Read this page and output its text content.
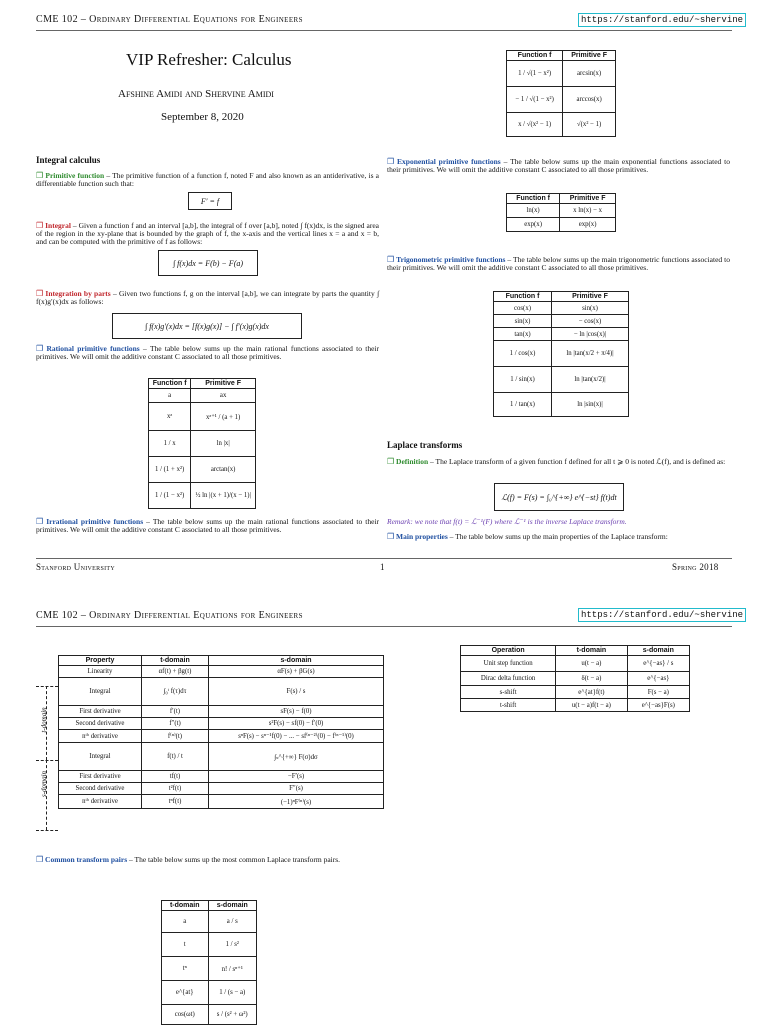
CME 102 – Ordinary Differential Equations for Engineers	https://stanford.edu/~shervine
VIP Refresher: Calculus
Afshine Amidi and Shervine Amidi
September 8, 2020
Function f	Primitive F
1 / √(1 − x²)	arcsin(x)
− 1 / √(1 − x²)	arccos(x)
x / √(x² − 1)	√(x² − 1)
Integral calculus
❒ Primitive function – The primitive function of a function f, noted F and also known as an antiderivative, is a differentiable function such that:
F′ = f
❒ Integral – Given a function f and an interval [a,b], the integral of f over [a,b], noted ∫ f(x)dx, is the signed area of the region in the xy-plane that is bounded by the graph of f, the x-axis and the vertical lines x = a and x = b, and can be computed with the primitive of f as follows:
∫ f(x)dx = F(b) − F(a)
❒ Integration by parts – Given two functions f, g on the interval [a,b], we can integrate by parts the quantity ∫ f(x)g′(x)dx as follows:
∫ f(x)g′(x)dx = [f(x)g(x)] − ∫ f′(x)g(x)dx
❒ Rational primitive functions – The table below sums up the main rational functions associated to their primitives. We will omit the additive constant C associated to all those primitives.
Function f	Primitive F
a	ax
xᵃ	xᵃ⁺¹ / (a + 1)
1 / x	ln |x|
1 / (1 + x²)	arctan(x)
1 / (1 − x²)	½ ln |(x + 1)/(x − 1)|
❒ Irrational primitive functions – The table below sums up the main rational functions associated to their primitives. We will omit the additive constant C associated to all those primitives.
❒ Exponential primitive functions – The table below sums up the main exponential functions associated to their primitives. We will omit the additive constant C associated to all those primitives.
Function f	Primitive F
ln(x)	x ln(x) − x
exp(x)	exp(x)
❒ Trigonometric primitive functions – The table below sums up the main trigonometric functions associated to their primitives. We will omit the additive constant C associated to all those primitives.
Function f	Primitive F
cos(x)	sin(x)
sin(x)	− cos(x)
tan(x)	− ln |cos(x)|
1 / cos(x)	ln |tan(x/2 + π/4)|
1 / sin(x)	ln |tan(x/2)|
1 / tan(x)	ln |sin(x)|
Laplace transforms
❒ Definition – The Laplace transform of a given function f defined for all t ⩾ 0 is noted ℒ(f), and is defined as:
ℒ(f) = F(s) = ∫₀^{+∞} e^{−st} f(t)dt
Remark: we note that f(t) = ℒ⁻¹(F) where ℒ⁻¹ is the inverse Laplace transform.
❒ Main properties – The table below sums up the main properties of the Laplace transform:
Stanford University	1	Spring 2018
CME 102 – Ordinary Differential Equations for Engineers	https://stanford.edu/~shervine
t-domain
s-domain
Property	t-domain	s-domain
Linearity	αf(t) + βg(t)	αF(s) + βG(s)
Integral	∫₀ᵗ f(τ)dτ	F(s) / s
First derivative	f′(t)	sF(s) − f(0)
Second derivative	f″(t)	s²F(s) − sf(0) − f′(0)
nᵗʰ derivative	f⁽ⁿ⁾(t)	sⁿF(s) − sⁿ⁻¹f(0) − ... − sf⁽ⁿ⁻²⁾(0) − f⁽ⁿ⁻¹⁾(0)
Integral	f(t) / t	∫ₛ^{+∞} F(σ)dσ
First derivative	tf(t)	−F′(s)
Second derivative	t²f(t)	F″(s)
nᵗʰ derivative	tⁿf(t)	(−1)ⁿF⁽ⁿ⁾(s)
Operation	t-domain	s-domain
Unit step function	u(t − a)	e^{−as} / s
Dirac delta function	δ(t − a)	e^{−as}
s-shift	e^{at}f(t)	F(s − a)
t-shift	u(t − a)f(t − a)	e^{−as}F(s)
❒ Common transform pairs – The table below sums up the most common Laplace transform pairs.
t-domain	s-domain
a	a / s
t	1 / s²
tⁿ	n! / sⁿ⁺¹
e^{at}	1 / (s − a)
cos(ωt)	s / (s² + ω²)
